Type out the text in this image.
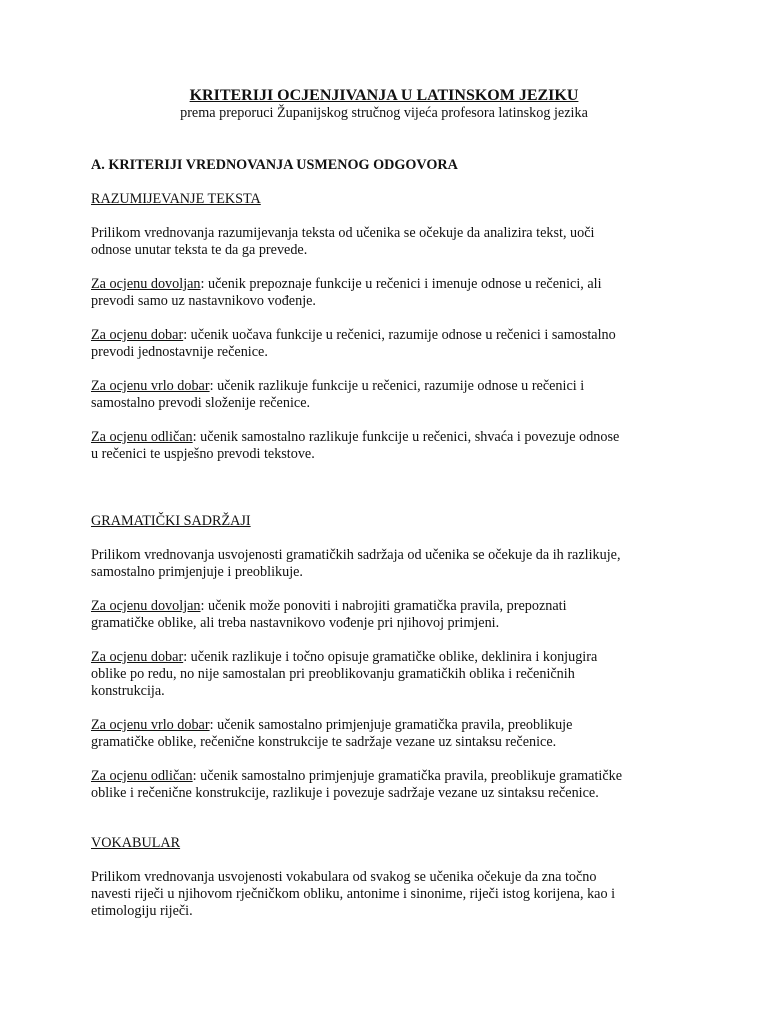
KRITERIJI OCJENJIVANJA U LATINSKOM JEZIKU

prema preporuci Županijskog stručnog vijeća profesora latinskog jezika

A. KRITERIJI VREDNOVANJA USMENOG ODGOVORA

RAZUMIJEVANJE TEKSTA

Prilikom vrednovanja razumijevanja teksta od učenika se očekuje da analizira tekst, uoči

odnose unutar teksta te da ga prevede.

Za ocjenu dovoljan: učenik prepoznaje funkcije u rečenici i imenuje odnose u rečenici, ali

prevodi samo uz nastavnikovo vođenje.

Za ocjenu dobar: učenik uočava funkcije u rečenici, razumije odnose u rečenici i samostalno

prevodi jednostavnije rečenice.

Za ocjenu vrlo dobar: učenik razlikuje funkcije u rečenici, razumije odnose u rečenici i

samostalno prevodi složenije rečenice.

Za ocjenu odličan: učenik samostalno razlikuje funkcije u rečenici, shvaća i povezuje odnose

u rečenici te uspješno prevodi tekstove.

GRAMATIČKI SADRŽAJI

Prilikom vrednovanja usvojenosti gramatičkih sadržaja od učenika se očekuje da ih razlikuje,

samostalno primjenjuje i preoblikuje.

Za ocjenu dovoljan: učenik može ponoviti i nabrojiti gramatička pravila, prepoznati

gramatičke oblike, ali treba nastavnikovo vođenje pri njihovoj primjeni.

Za ocjenu dobar: učenik razlikuje i točno opisuje gramatičke oblike, deklinira i konjugira

oblike po redu, no nije samostalan pri preoblikovanju gramatičkih oblika i rečeničnih

konstrukcija.

Za ocjenu vrlo dobar: učenik samostalno primjenjuje gramatička pravila, preoblikuje

gramatičke oblike, rečenične konstrukcije te sadržaje vezane uz sintaksu rečenice.

Za ocjenu odličan: učenik samostalno primjenjuje gramatička pravila, preoblikuje gramatičke

oblike i rečenične konstrukcije, razlikuje i povezuje sadržaje vezane uz sintaksu rečenice.

VOKABULAR

Prilikom vrednovanja usvojenosti vokabulara od svakog se učenika očekuje da zna točno

navesti riječi u njihovom rječničkom obliku, antonime i sinonime, riječi istog korijena, kao i

etimologiju riječi.
